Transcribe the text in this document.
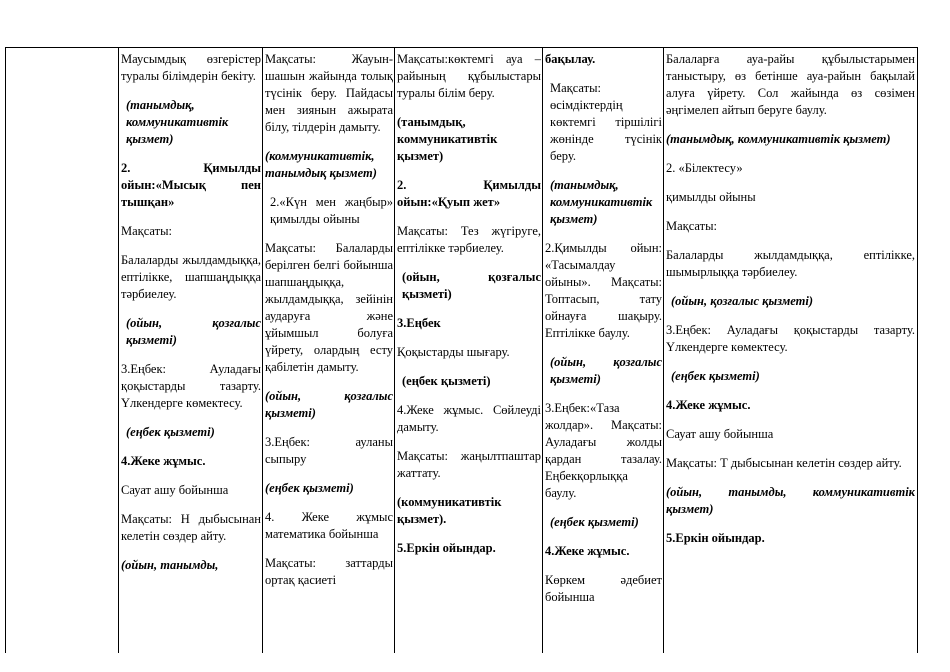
Маусымдық өзгерістер туралы білімдерін бекіту.

(танымдық, коммуникативтік қызмет)

2. Қимылды ойын:«Мысық пен тышқан»

Мақсаты:

Балаларды жылдамдыққа, ептілікке, шапшаңдыққа тәрбиелеу.

(ойын, қозғалыс қызметі)

3.Еңбек: Ауладағы қоқыстарды тазарту. Үлкендерге көмектесу.

(еңбек қызметі)

4.Жеке жұмыс.

Сауат ашу бойынша

Мақсаты: Н дыбысынан келетін сөздер айту.

(ойын, танымды,

Мақсаты: Жауын-шашын жайында толық түсінік беру. Пайдасы мен зиянын ажырата білу, тілдерін дамыту.

(коммуникативтік, танымдық қызмет)

2.«Күн мен жаңбыр» қимылды ойыны

Мақсаты: Балаларды берілген белгі бойынша шапшаңдыққа, жылдамдыққа, зейінін аударуға және ұйымшыл болуға үйрету, олардың есту қабілетін дамыту.

(ойын, қозғалыс қызметі)

3.Еңбек: ауланы сыпыру

(еңбек қызметі)

4. Жеке жұмыс математика бойынша

Мақсаты: заттарды ортақ қасиеті

Мақсаты:көктемгі ауа – райының құбылыстары туралы білім беру.

(танымдық, коммуникативтік қызмет)

2. Қимылды ойын:«Қуып жет»

Мақсаты: Тез жүгіруге, ептілікке тәрбиелеу.

(ойын, қозғалыс қызметі)

3.Еңбек

Қоқыстарды шығару.

(еңбек қызметі)

4.Жеке жұмыс. Сөйлеуді дамыту.

Мақсаты: жаңылтпаштар жаттату.

(коммуникативтік қызмет).

5.Еркін ойындар.

бақылау.

Мақсаты: өсімдіктердің көктемгі тіршілігі жөнінде түсінік беру.

(танымдық, коммуникативтік қызмет)

2.Қимылды ойын: «Тасымалдау ойыны». Мақсаты: Топтасып, тату ойнауға шақыру. Ептілікке баулу.

(ойын, қозғалыс қызметі)

3.Еңбек:«Таза жолдар». Мақсаты: Ауладағы жолды қардан тазалау. Еңбекқорлыққа баулу.

(еңбек қызметі)

4.Жеке жұмыс.

Көркем әдебиет бойынша

Балаларға ауа-райы құбылыстарымен таныстыру, өз бетінше ауа-райын бақылай алуға үйрету. Сол жайында өз сөзімен әңгімелеп айтып беруге баулу.

(танымдық, коммуникативтік қызмет)

2. «Білектесу»

қимылды ойыны

Мақсаты:

Балаларды жылдамдыққа, ептілікке, шымырлыққа тәрбиелеу.

(ойын, қозғалыс қызметі)

3.Еңбек: Ауладағы қоқыстарды тазарту. Үлкендерге көмектесу.

(еңбек қызметі)

4.Жеке жұмыс.

Сауат ашу бойынша

Мақсаты: Т дыбысынан келетін сөздер айту.

(ойын, танымды, коммуникативтік қызмет)

5.Еркін ойындар.
